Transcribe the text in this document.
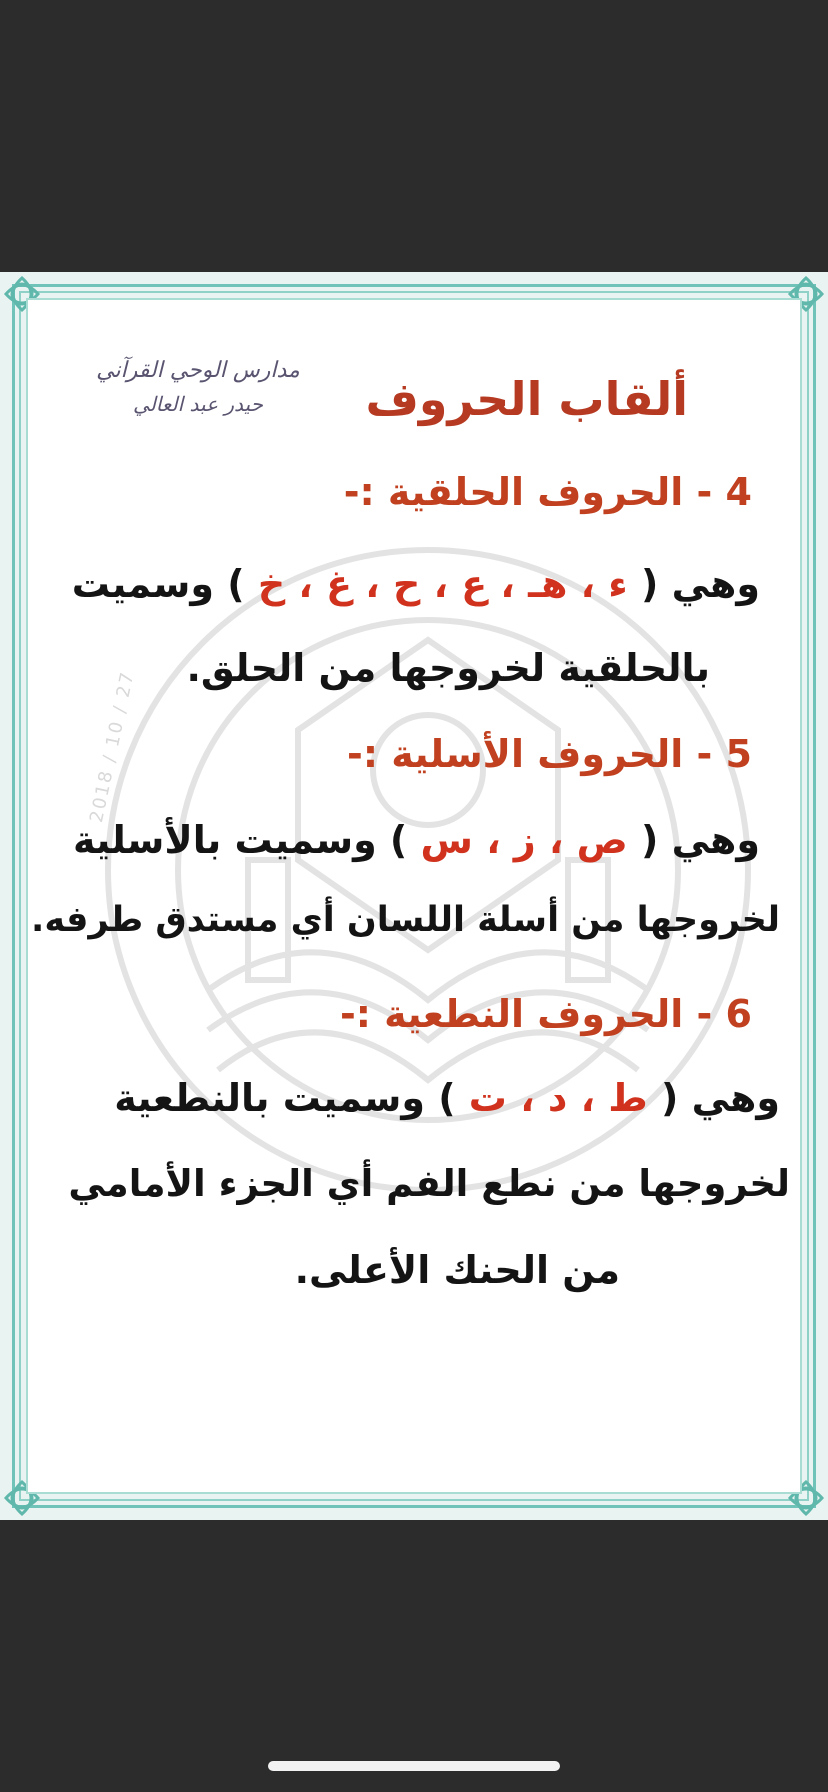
2018 / 10 / 27
مدارس الوحي القرآني
حيدر عبد العالي	ألقاب الحروف
4 - الحروف الحلقية :-
وهي ( ء ، هـ ، ع ، ح ، غ ، خ ) وسميت
بالحلقية لخروجها من الحلق.
5 - الحروف الأسلية :-
وهي ( ص ، ز ، س ) وسميت بالأسلية
لخروجها من أسلة اللسان أي مستدق طرفه.
6 - الحروف النطعية :-
وهي ( ط ، د ، ت ) وسميت بالنطعية
لخروجها من نطع الفم أي الجزء الأمامي
من الحنك الأعلى.
